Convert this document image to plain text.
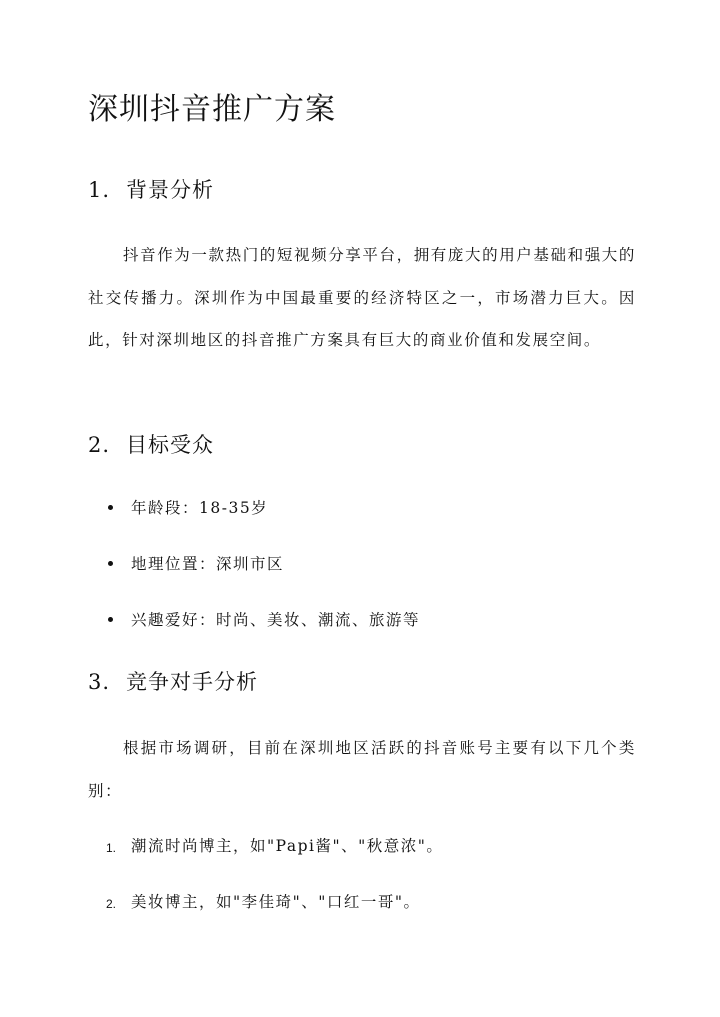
深圳抖音推广方案
1. 背景分析

抖音作为一款热门的短视频分享平台，拥有庞大的用户基础和强大的社交传播力。深圳作为中国最重要的经济特区之一，市场潜力巨大。因此，针对深圳地区的抖音推广方案具有巨大的商业价值和发展空间。

2. 目标受众
年龄段：18-35岁
地理位置：深圳市区
兴趣爱好：时尚、美妆、潮流、旅游等
3. 竞争对手分析

根据市场调研，目前在深圳地区活跃的抖音账号主要有以下几个类别：

1. 潮流时尚博主，如"Papi酱"、"秋意浓"。
2. 美妆博主，如"李佳琦"、"口红一哥"。
